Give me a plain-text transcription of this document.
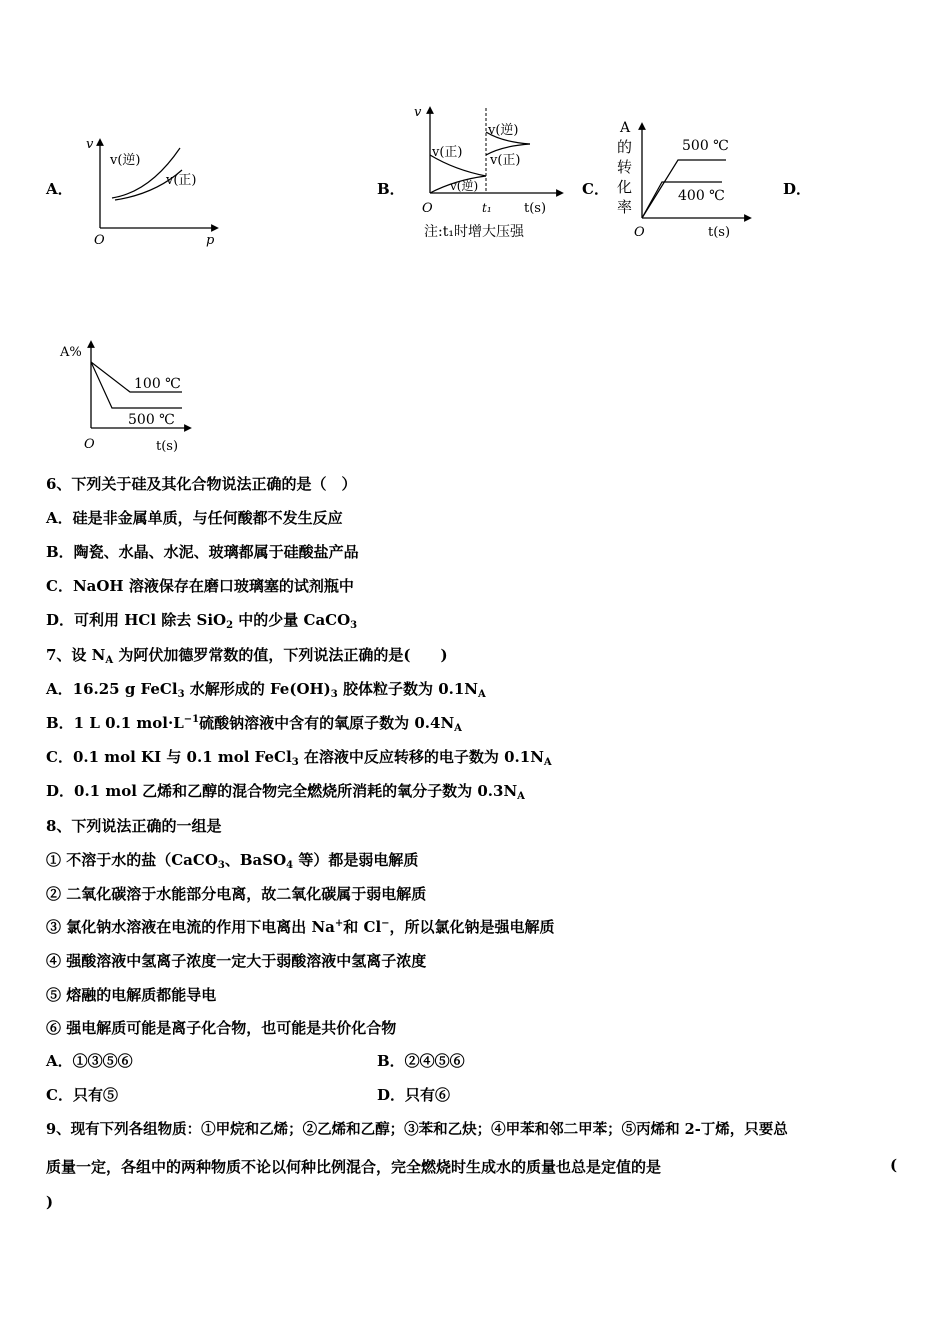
A．
v
p
O
v(逆)
v(正)	B．
v
O	t₁ t(s)
v(正)
v(逆)
v(逆)
v(正)
注:t₁时增大压强
C．
A
的
转
化
率
O	t(s)
500 ℃
400 ℃	D．
A%
O	t(s)
100 ℃
500 ℃
6、下列关于硅及其化合物说法正确的是（　）
A．硅是非金属单质，与任何酸都不发生反应
B．陶瓷、水晶、水泥、玻璃都属于硅酸盐产品
C．NaOH 溶液保存在磨口玻璃塞的试剂瓶中
D．可利用 HCl 除去 SiO$_2$ 中的少量 CaCO$_3$
7、设 $N_A$ 为阿伏加德罗常数的值，下列说法正确的是(　　)
A．16.25 g FeCl$_3$ 水解形成的 $Fe(OH)_3$ 胶体粒子数为 $0.1N_A$
B．1 L 0.1 $mol\cdot L^{-1}$硫酸钠溶液中含有的氧原子数为 $0.4N_A$
C．0.1 mol KI 与 0.1 mol FeCl$_3$ 在溶液中反应转移的电子数为 $0.1N_A$
D．0.1 mol 乙烯和乙醇的混合物完全燃烧所消耗的氧分子数为 $0.3N_A$
8、下列说法正确的一组是
① 不溶于水的盐（CaCO$_3$、BaSO$_4$ 等）都是弱电解质
② 二氧化碳溶于水能部分电离，故二氧化碳属于弱电解质
③ 氯化钠水溶液在电流的作用下电离出 Na+和 Cl−，所以氯化钠是强电解质
④ 强酸溶液中氢离子浓度一定大于弱酸溶液中氢离子浓度
⑤ 熔融的电解质都能导电
⑥ 强电解质可能是离子化合物，也可能是共价化合物
A．①③⑤⑥	B．②④⑤⑥
C．只有⑤	D．只有⑥
9、现有下列各组物质：①甲烷和乙烯；②乙烯和乙醇；③苯和乙炔；④甲苯和邻二甲苯；⑤丙烯和 2-丁烯，只要总
质量一定，各组中的两种物质不论以何种比例混合，完全燃烧时生成水的质量也总是定值的是	(
)
